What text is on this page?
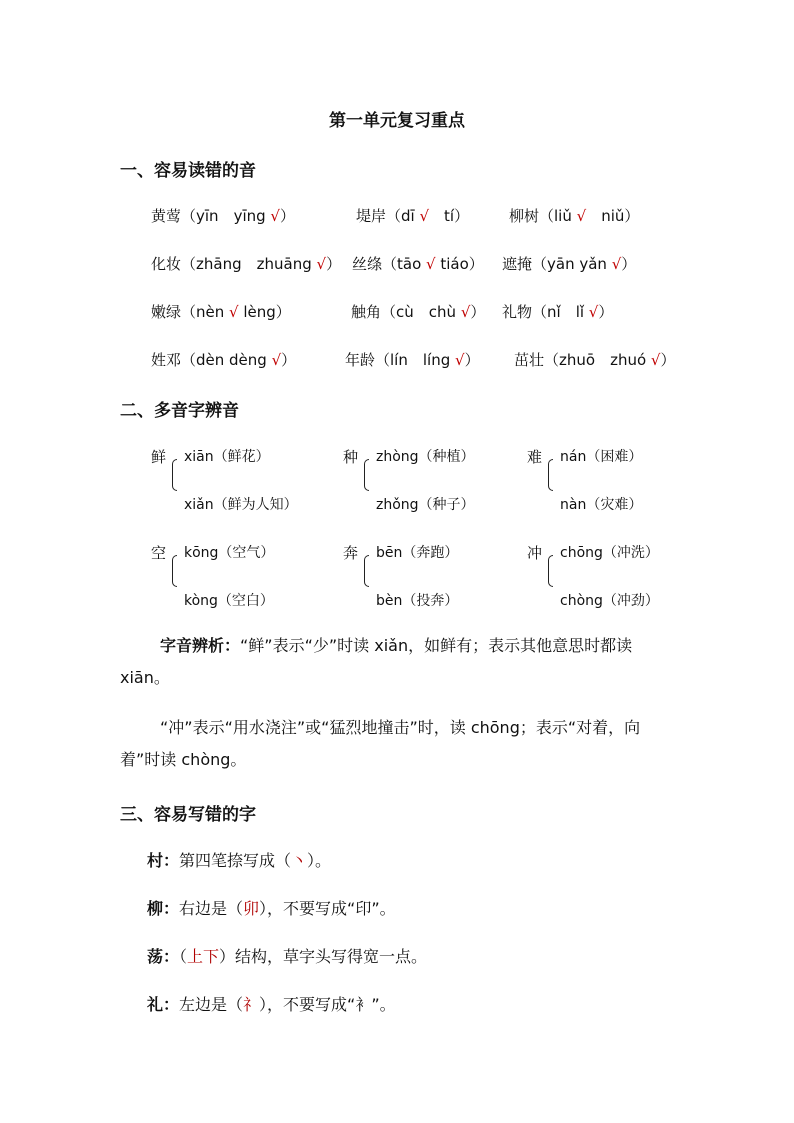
第一单元复习重点
一、容易读错的音
黄莺（yīn　yīng √）	堤岸（dī √　tí）	柳树（liǔ √　niǔ）
化妆（zhāng　zhuāng √） 丝绦（tāo √ tiáo） 遮掩（yān yǎn √）
嫩绿（nèn √ lèng）	触角（cù　chù √） 礼物（nǐ　lǐ √）
姓邓（dèn dèng √）	年龄（lín　líng √） 茁壮（zhuō　zhuó √）
二、多音字辨音
鲜 xiān（鲜花）
xiǎn（鲜为人知）
种 zhòng（种植）
zhǒng（种子）
难 nán（困难）
nàn（灾难）
空 kōng（空气）
kòng（空白）
奔 bēn（奔跑）
bèn（投奔）
冲 chōng（冲洗）
chòng（冲劲）
字音辨析：“鲜”表示“少”时读 xiǎn，如鲜有；表示其他意思时都读 xiān。
“冲”表示“用水浇注”或“猛烈地撞击”时，读 chōng；表示“对着，向着”时读 chòng。
三、容易写错的字
村：第四笔捺写成（丶）。
柳：右边是（卯），不要写成“印”。
荡：（上下）结构，草字头写得宽一点。
礼：左边是（礻），不要写成“衤”。
